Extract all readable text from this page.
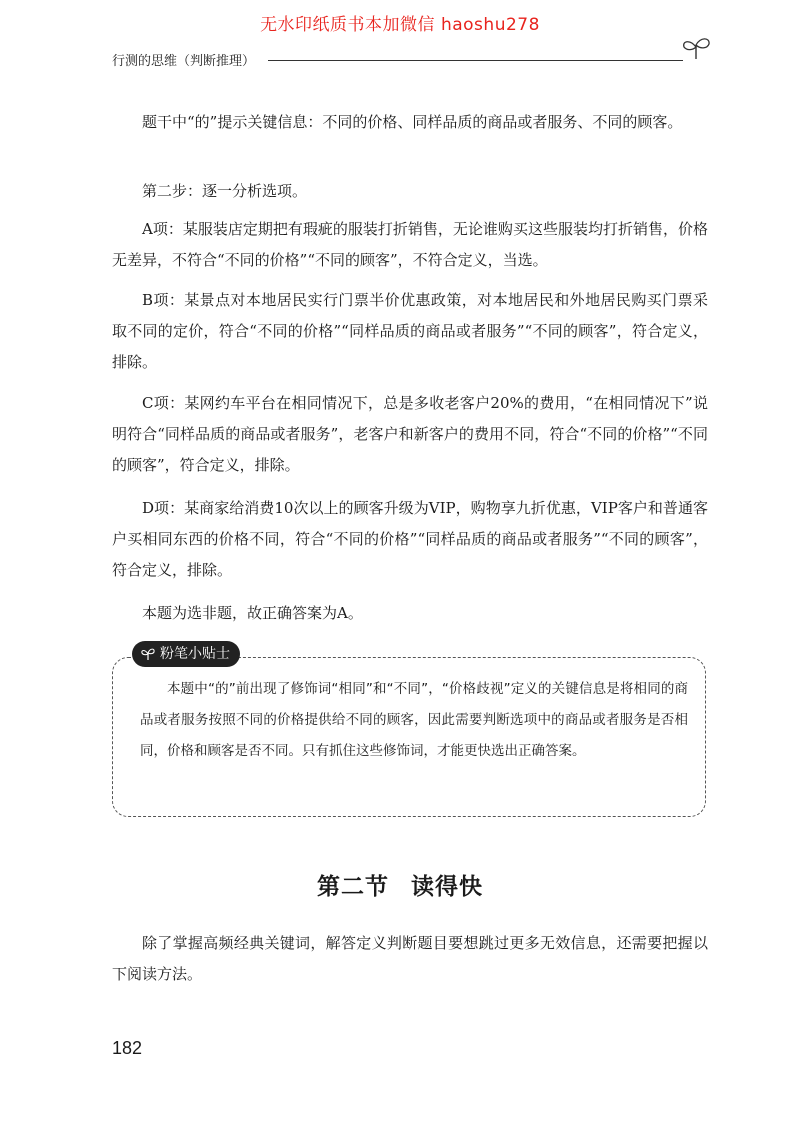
无水印纸质书本加微信 haoshu278
行测的思维（判断推理）

题干中“的”提示关键信息：不同的价格、同样品质的商品或者服务、不同的顾客。

第二步：逐一分析选项。

A项：某服装店定期把有瑕疵的服装打折销售，无论谁购买这些服装均打折销售，价格无差异，不符合“不同的价格”“不同的顾客”，不符合定义，当选。

B项：某景点对本地居民实行门票半价优惠政策，对本地居民和外地居民购买门票采取不同的定价，符合“不同的价格”“同样品质的商品或者服务”“不同的顾客”，符合定义，排除。

C项：某网约车平台在相同情况下，总是多收老客户20%的费用，“在相同情况下”说明符合“同样品质的商品或者服务”，老客户和新客户的费用不同，符合“不同的价格”“不同的顾客”，符合定义，排除。

D项：某商家给消费10次以上的顾客升级为VIP，购物享九折优惠，VIP客户和普通客户买相同东西的价格不同，符合“不同的价格”“同样品质的商品或者服务”“不同的顾客”，符合定义，排除。

本题为选非题，故正确答案为A。

粉笔小贴士

本题中“的”前出现了修饰词“相同”和“不同”，“价格歧视”定义的关键信息是将相同的商品或者服务按照不同的价格提供给不同的顾客，因此需要判断选项中的商品或者服务是否相同，价格和顾客是否不同。只有抓住这些修饰词，才能更快选出正确答案。

第二节 读得快

除了掌握高频经典关键词，解答定义判断题目要想跳过更多无效信息，还需要把握以下阅读方法。

182
